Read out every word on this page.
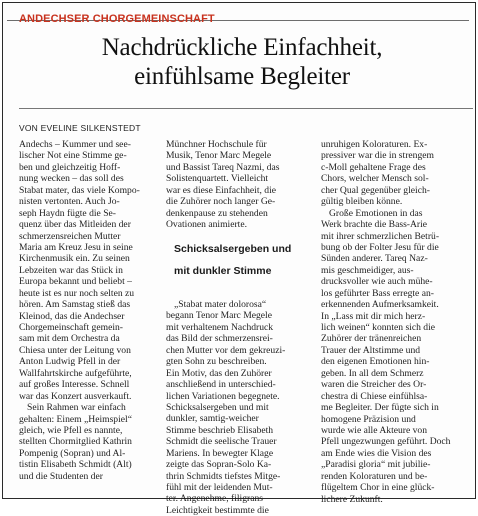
ANDECHSER CHORGEMEINSCHAFT
Nachdrückliche Einfachheit,
einfühlsame Begleiter
VON EVELINE SILKENSTEDT
Andechs – Kummer und see-
lischer Not eine Stimme ge-
ben und gleichzeitig Hoff-
nung wecken – das soll des
Stabat mater, das viele Kompo-
nisten vertonten. Auch Jo-
seph Haydn fügte die Se-
quenz über das Mitleiden der
schmerzensreichen Mutter
Maria am Kreuz Jesu in seine
Kirchenmusik ein. Zu seinen
Lebzeiten war das Stück in
Europa bekannt und beliebt –
heute ist es nur noch selten zu
hören. Am Samstag stieß das
Kleinod, das die Andechser
Chorgemeinschaft gemein-
sam mit dem Orchestra da
Chiesa unter der Leitung von
Anton Ludwig Pfell in der
Wallfahrtskirche aufgeführte,
auf großes Interesse. Schnell
war das Konzert ausverkauft.
Sein Rahmen war einfach
gehalten: Einem „Heimspiel“
gleich, wie Pfell es nannte,
stellten Chormitglied Kathrin
Pompenig (Sopran) und Al-
tistin Elisabeth Schmidt (Alt)
und die Studenten der
Münchner Hochschule für
Musik, Tenor Marc Megele
und Bassist Tareq Nazmi, das
Solistenquartett. Vielleicht
war es diese Einfachheit, die
die Zuhörer noch langer Ge-
denkenpause zu stehenden
Ovationen animierte.
Schicksalsergeben und
mit dunkler Stimme
„Stabat mater dolorosa“
begann Tenor Marc Megele
mit verhaltenem Nachdruck
das Bild der schmerzensrei-
chen Mutter vor dem gekreuzi-
gten Sohn zu beschreiben.
Ein Motiv, das den Zuhörer
anschließend in unterschied-
lichen Variationen begegnete.
Schicksalsergeben und mit
dunkler, samtig-weicher
Stimme beschrieb Elisabeth
Schmidt die seelische Trauer
Mariens. In bewegter Klage
zeigte das Sopran-Solo Ka-
thrin Schmidts tiefstes Mitge-
fühl mit der leidenden Mut-
ter. Angenehme, filigrans
Leichtigkeit bestimmte die
unruhigen Koloraturen. Ex-
pressiver war die in strengem
c-Moll gehaltene Frage des
Chors, welcher Mensch sol-
cher Qual gegenüber gleich-
gültig bleiben könne.
Große Emotionen in das
Werk brachte die Bass-Arie
mit ihrer schmerzlichen Betrü-
bung ob der Folter Jesu für die
Sünden anderer. Tareq Naz-
mis geschmeidiger, aus-
drucksvoller wie auch mühe-
los geführter Bass erregte an-
erkennenden Aufmerksamkeit.
In „Lass mit dir mich herz-
lich weinen“ konnten sich die
Zuhörer der tränenreichen
Trauer der Altstimme und
den eigenen Emotionen hin-
geben. In all dem Schmerz
waren die Streicher des Or-
chestra di Chiese einfühlsa-
me Begleiter. Der fügte sich in
homogene Präzision und
wurde wie alle Akteure von
Pfell ungezwungen geführt. Doch
am Ende wies die Vision des
„Paradisi gloria“ mit jubilie-
renden Koloraturen und be-
flügeltem Chor in eine glück-
lichere Zukunft.
